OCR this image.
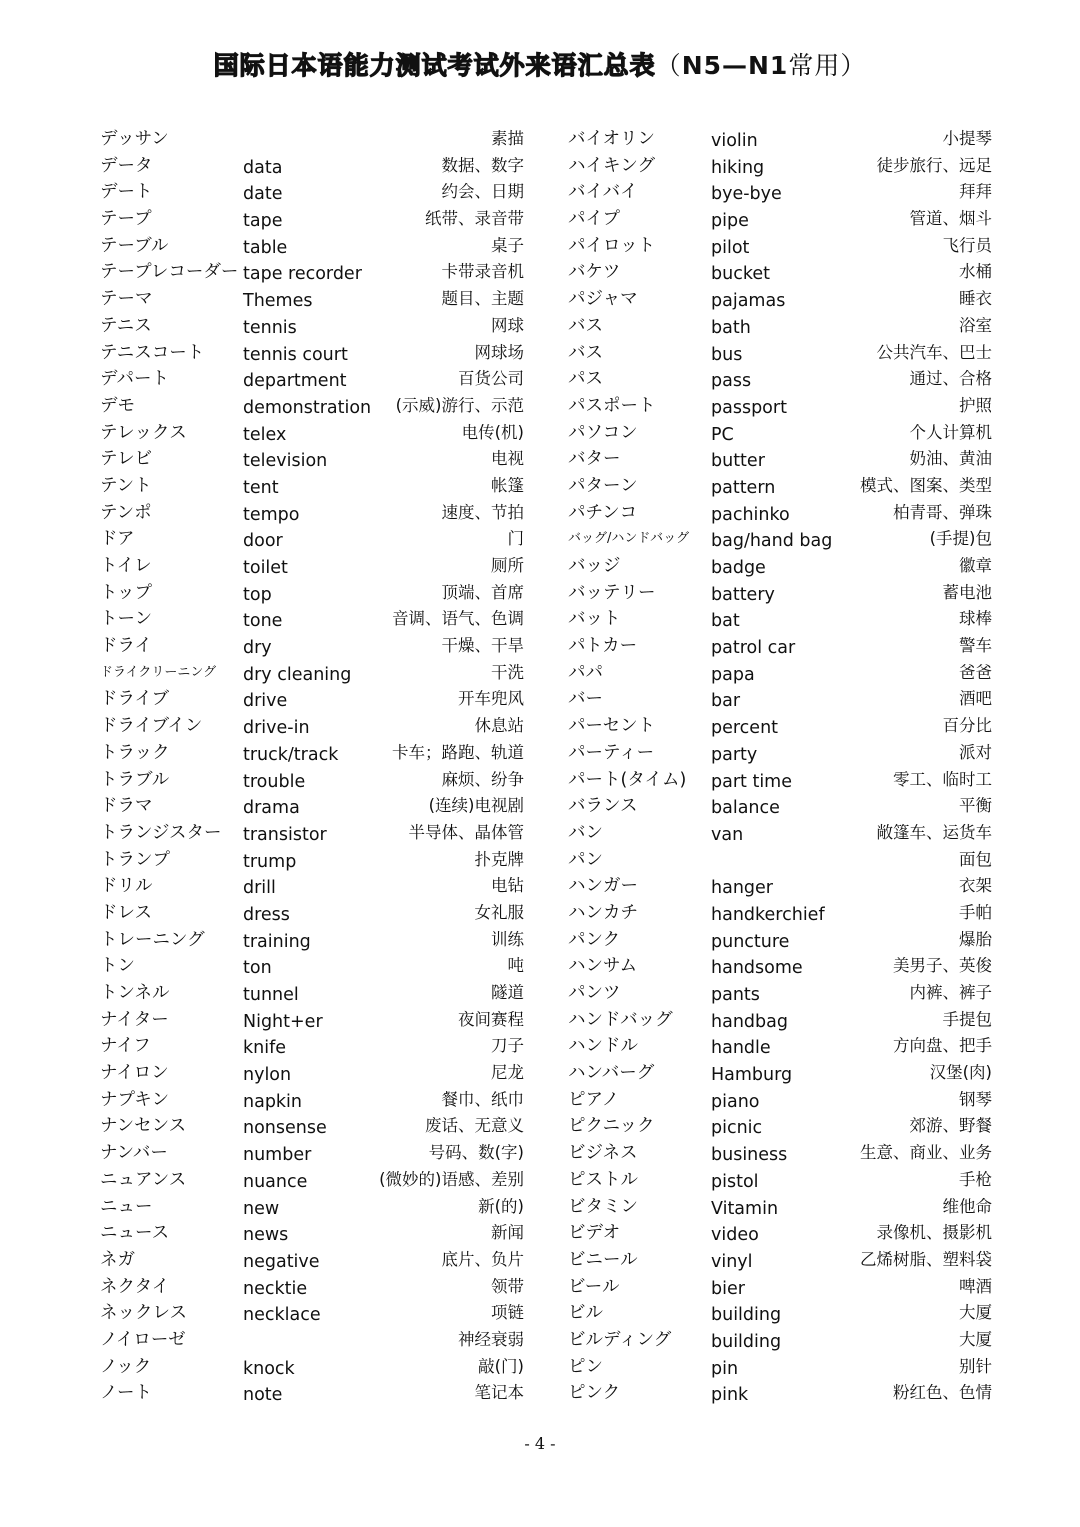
国际日本语能力测试考试外来语汇总表（N5—N1常用）
デッサン	素描
データ	data	数据、数字
デート	date	约会、日期
テープ	tape	纸带、录音带
テーブル	table	桌子
テープレコーダー tape recorder	卡带录音机
テーマ	Themes	题目、主题
テニス	tennis	网球
テニスコート tennis court	网球场
デパート	department	百货公司
デモ	demonstration (示威)游行、示范
テレックス	telex	电传(机)
テレビ	television	电视
テント	tent	帐篷
テンポ	tempo	速度、节拍
ドア	door	门
トイレ	toilet	厕所
トップ	top	顶端、首席
トーン	tone	音调、语气、色调
ドライ	dry	干燥、干旱
ドライクリーニング dry cleaning	干洗
ドライブ	drive	开车兜风
ドライブイン drive-in	休息站
トラック	truck/track	卡车；路跑、轨道
トラブル	trouble	麻烦、纷争
ドラマ	drama	(连续)电视剧
トランジスター transistor	半导体、晶体管
トランプ	trump	扑克牌
ドリル	drill	电钻
ドレス	dress	女礼服
トレーニング training	训练
トン	ton	吨
トンネル	tunnel	隧道
ナイター	Night+er	夜间赛程
ナイフ	knife	刀子
ナイロン	nylon	尼龙
ナプキン	napkin	餐巾、纸巾
ナンセンス	nonsense	废话、无意义
ナンバー	number	号码、数(字)
ニュアンス	nuance	(微妙的)语感、差别
ニュー	new	新(的)
ニュース	news	新闻
ネガ	negative	底片、负片
ネクタイ	necktie	领带
ネックレス	necklace	项链
ノイローゼ	神经衰弱
ノック	knock	敲(门)
ノート	note	笔记本
バイオリン	violin	小提琴
ハイキング	hiking	徒步旅行、远足
バイバイ	bye-bye	拜拜
パイプ	pipe	管道、烟斗
パイロット	pilot	飞行员
バケツ	bucket	水桶
パジャマ	pajamas	睡衣
バス	bath	浴室
バス	bus	公共汽车、巴士
パス	pass	通过、合格
パスポート	passport	护照
パソコン	PC	个人计算机
バター	butter	奶油、黄油
パターン	pattern	模式、图案、类型
パチンコ	pachinko	柏青哥、弹珠
バッグ/ハンドバッグ bag/hand bag	(手提)包
バッジ	badge	徽章
バッテリー	battery	蓄电池
バット	bat	球棒
パトカー	patrol car	警车
パパ	papa	爸爸
バー	bar	酒吧
パーセント	percent	百分比
パーティー	party	派对
パート(タイム) part time	零工、临时工
バランス	balance	平衡
バン	van	敞篷车、运货车
パン	面包
ハンガー	hanger	衣架
ハンカチ	handkerchief	手帕
パンク	puncture	爆胎
ハンサム	handsome	美男子、英俊
パンツ	pants	内裤、裤子
ハンドバッグ handbag	手提包
ハンドル	handle	方向盘、把手
ハンバーグ	Hamburg	汉堡(肉)
ピアノ	piano	钢琴
ピクニック	picnic	郊游、野餐
ビジネス	business	生意、商业、业务
ピストル	pistol	手枪
ビタミン	Vitamin	维他命
ビデオ	video	录像机、摄影机
ビニール	vinyl	乙烯树脂、塑料袋
ビール	bier	啤酒
ビル	building	大厦
ビルディング building	大厦
ピン	pin	别针
ピンク	pink	粉红色、色情
- 4 -
